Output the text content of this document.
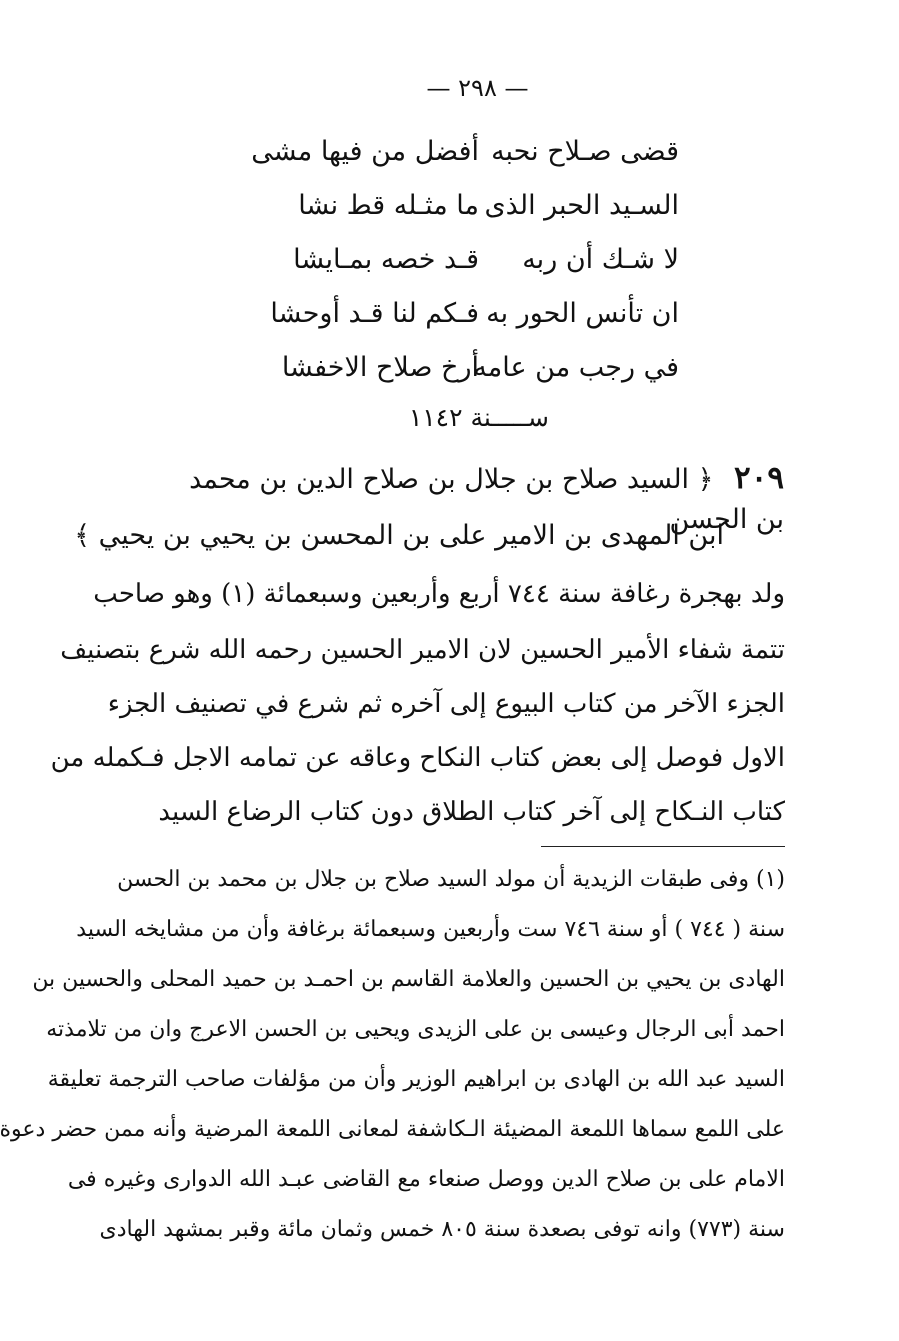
— ٢٩٨ —
قضى صـلاح نحبه
أفضل من فيها مشى
السـيد الحبر الذى
ما مثـله قط نشا
لا شـك أن ربه
قـد خصه بمـايشا
ان تأنس الحور به
فـكم لنا قـد أوحشا
في رجب من عامه
أرخ صلاح الاخفشا
ســـــنة ١١٤٢
٢٠٩ ﴿ السيد صلاح بن جلال بن صلاح الدين بن محمد بن الحسن
ابن المهدى بن الامير على بن المحسن بن يحيي بن يحيي ﴾
ولد بهجرة رغافة سنة ٧٤٤ أربع وأربعين وسبعمائة (١) وهو صاحب
تتمة شفاء الأمير الحسين لان الامير الحسين رحمه الله شرع بتصنيف
الجزء الآخر من كتاب البيوع إلى آخره ثم شرع في تصنيف الجزء
الاول فوصل إلى بعض كتاب النكاح وعاقه عن تمامه الاجل فـكمله من
كتاب النـكاح إلى آخر كتاب الطلاق دون كتاب الرضاع السيد
(١) وفى طبقات الزيدية أن مولد السيد صلاح بن جلال بن محمد بن الحسن
سنة ( ٧٤٤ ) أو سنة ٧٤٦ ست وأربعين وسبعمائة برغافة وأن من مشايخه السيد
الهادى بن يحيي بن الحسين والعلامة القاسم بن احمـد بن حميد المحلى والحسين بن
احمد أبى الرجال وعيسى بن على الزيدى ويحيى بن الحسن الاعرج وان من تلامذته
السيد عبد الله بن الهادى بن ابراهيم الوزير وأن من مؤلفات صاحب الترجمة تعليقة
على اللمع سماها اللمعة المضيئة الـكاشفة لمعانى اللمعة المرضية وأنه ممن حضر دعوة
الامام على بن صلاح الدين ووصل صنعاء مع القاضى عبـد الله الدوارى وغيره فى
سنة (٧٧٣) وانه توفى بصعدة سنة ٨٠٥ خمس وثمان مائة وقبر بمشهد الهادى
